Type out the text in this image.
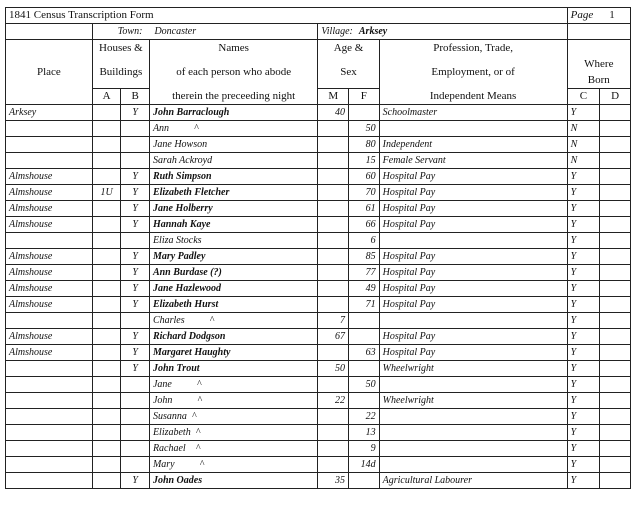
1841 Census Transcription Form							Page 1	
	Town: Doncaster			Village: Arksey				
Place	Houses &		Names	Age &		Profession, Trade,		
	Buildings		of each person who abode	Sex		Employment, or of	Where
Born	
	A	B	therein the preceeding night	M	F	Independent Means	C	D
Arksey		Y	John Barraclough	40		Schoolmaster	Y	
			Ann          ^		50		N	
			Jane Howson		80	Independent	N	
			Sarah Ackroyd		15	Female Servant	N	
Almshouse		Y	Ruth Simpson		60	Hospital Pay	Y	
Almshouse	1U	Y	Elizabeth Fletcher		70	Hospital Pay	Y	
Almshouse		Y	Jane Holberry		61	Hospital Pay	Y	
Almshouse		Y	Hannah Kaye		66	Hospital Pay	Y	
			Eliza Stocks		6		Y	
Almshouse		Y	Mary Padley		85	Hospital Pay	Y	
Almshouse		Y	Ann Burdase (?)		77	Hospital Pay	Y	
Almshouse		Y	Jane Hazlewood		49	Hospital Pay	Y	
Almshouse		Y	Elizabeth Hurst		71	Hospital Pay	Y	
			Charles          ^	7			Y	
Almshouse		Y	Richard Dodgson	67		Hospital Pay	Y	
Almshouse		Y	Margaret Haughty		63	Hospital Pay	Y	
		Y	John Trout	50		Wheelwright	Y	
			Jane          ^		50		Y	
			John          ^	22		Wheelwright	Y	
			Susanna  ^		22		Y	
			Elizabeth  ^		13		Y	
			Rachael    ^		9		Y	
			Mary          ^		14d		Y	
		Y	John Oades	35		Agricultural Labourer	Y	
